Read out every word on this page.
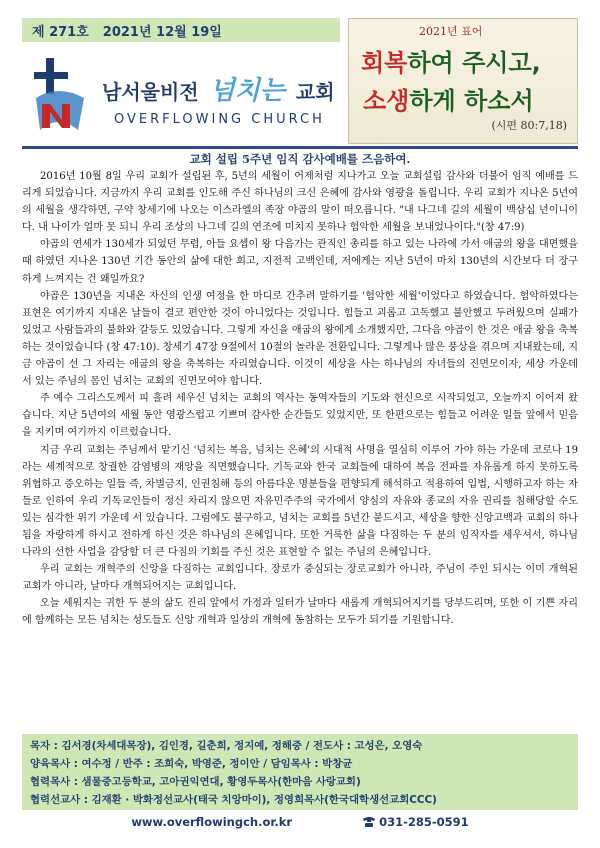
제 271호 2021년 12월 19일
남서울비전 넘치는 교회
OVERFLOWING CHURCH
2021년 표어
회복하여 주시고,
소생하게 하소서
(시편 80:7,18)
교회 설립 5주년 임직 감사예배를 즈음하여.

2016년 10월 8일 우리 교회가 설립된 후, 5년의 세월이 어제처럼 지나가고 오늘 교회설립 감사와 더불어 임직 예배를 드리게 되었습니다. 지금까지 우리 교회를 인도해 주신 하나님의 크신 은혜에 감사와 영광을 돌립니다. 우리 교회가 지나온 5년여의 세월을 생각하면, 구약 창세기에 나오는 이스라엘의 족장 야곱의 말이 떠오릅니다. "내 나그네 길의 세월이 백삼십 년이니이다. 내 나이가 얼마 못 되니 우리 조상의 나그네 길의 연조에 미치지 못하나 험악한 세월을 보내었나이다."(창 47:9)

야곱의 연세가 130세가 되었던 무렵, 아들 요셉이 왕 다음가는 관직인 총리를 하고 있는 나라에 가서 애굽의 왕을 대면했을 때 하였던 지나온 130년 기간 동안의 삶에 대한 회고, 지전적 고백인데, 저에게는 지난 5년이 마치 130년의 시간보다 더 장구하게 느껴지는 건 왜일까요?

야곱은 130년을 지내온 자신의 인생 여정을 한 마디로 간추려 말하기를 '험악한 세월'이었다고 하였습니다. 험악하였다는 표현은 여기까지 지내온 날들이 결코 편안한 것이 아니었다는 것입니다. 힘들고 괴롭고 고독했고 불안했고 두려웠으며 실패가 있었고 사람들과의 불화와 갈등도 있었습니다. 그렇게 자신을 애굽의 왕에게 소개했지만, 그다음 야곱이 한 것은 애굽 왕을 축복하는 것이었습니다 (창 47:10). 창세기 47장 9절에서 10절의 놀라운 전환입니다. 그렇게나 많은 풍상을 겪으며 지내왔는데, 지금 야곱이 선 그 자리는 애굽의 왕을 축복하는 자리였습니다. 이것이 세상을 사는 하나님의 자녀들의 진면모이자, 세상 가운데 서 있는 주님의 몸인 넘치는 교회의 진면모여야 합니다.

주 예수 그리스도께서 피 흘려 세우신 넘치는 교회의 역사는 동역자들의 기도와 헌신으로 시작되었고, 오늘까지 이어져 왔습니다. 지난 5년여의 세월 동안 영광스럽고 기쁘며 감사한 순간들도 있었지만, 또 한편으로는 힘들고 어려운 일들 앞에서 믿음을 지키며 여기까지 이르렀습니다.

지금 우리 교회는 주님께서 맡기신 '넘치는 복음, 넘치는 은혜'의 시대적 사명을 열심히 이루어 가야 하는 가운데 코로나 19라는 세계적으로 창궐한 감염병의 재앙을 직면했습니다. 기독교와 한국 교회들에 대하여 복음 전파를 자유롭게 하지 못하도록 위협하고 증오하는 일들 즉, 차별금지, 인권침해 등의 아름다운 명분들을 편향되게 해석하고 적용하여 입법, 시행하고자 하는 자들로 인하여 우리 기독교인들이 정신 차리지 않으면 자유민주주의 국가에서 양심의 자유와 종교의 자유 권리를 침해당할 수도 있는 심각한 위기 가운데 서 있습니다. 그럼에도 불구하고, 넘치는 교회를 5년간 붙드시고, 세상을 향한 신앙고백과 교회의 하나됨을 자랑하게 하시고 전하게 하신 것은 하나님의 은혜입니다. 또한 거룩한 삶을 다짐하는 두 분의 임직자를 세우셔서, 하나님 나라의 선한 사업을 감당할 더 큰 다짐의 기회를 주신 것은 표현할 수 없는 주님의 은혜입니다.

우리 교회는 개혁주의 신앙을 다짐하는 교회입니다. 장로가 중심되는 장로교회가 아니라, 주님이 주인 되시는 이미 개혁된 교회가 아니라, 날마다 개혁되어지는 교회입니다.

오늘 세워지는 귀한 두 분의 삶도 진리 앞에서 가정과 일터가 날마다 새롭게 개혁되어지기를 당부드리며, 또한 이 기쁜 자리에 함께하는 모든 넘치는 성도들도 신앙 개혁과 일상의 개혁에 동참하는 모두가 되기를 기원합니다.

목자 : 김서경(차세대목장), 김인경, 길춘희, 정지예, 정해중 / 전도사 : 고성은, 오영숙
양육목사 : 여수정 / 반주 : 조희숙, 박영준, 정이안 / 담임목사 : 박창균
협력목사 : 샘물중고등학교, 고아권익연대, 황영두목사(한마음 사랑교회)
협력선교사 : 김재환 · 박화정선교사(태국 치앙마이), 정영희목사(한국대학생선교회CCC)
www.overflowingch.or.kr	031-285-0591
